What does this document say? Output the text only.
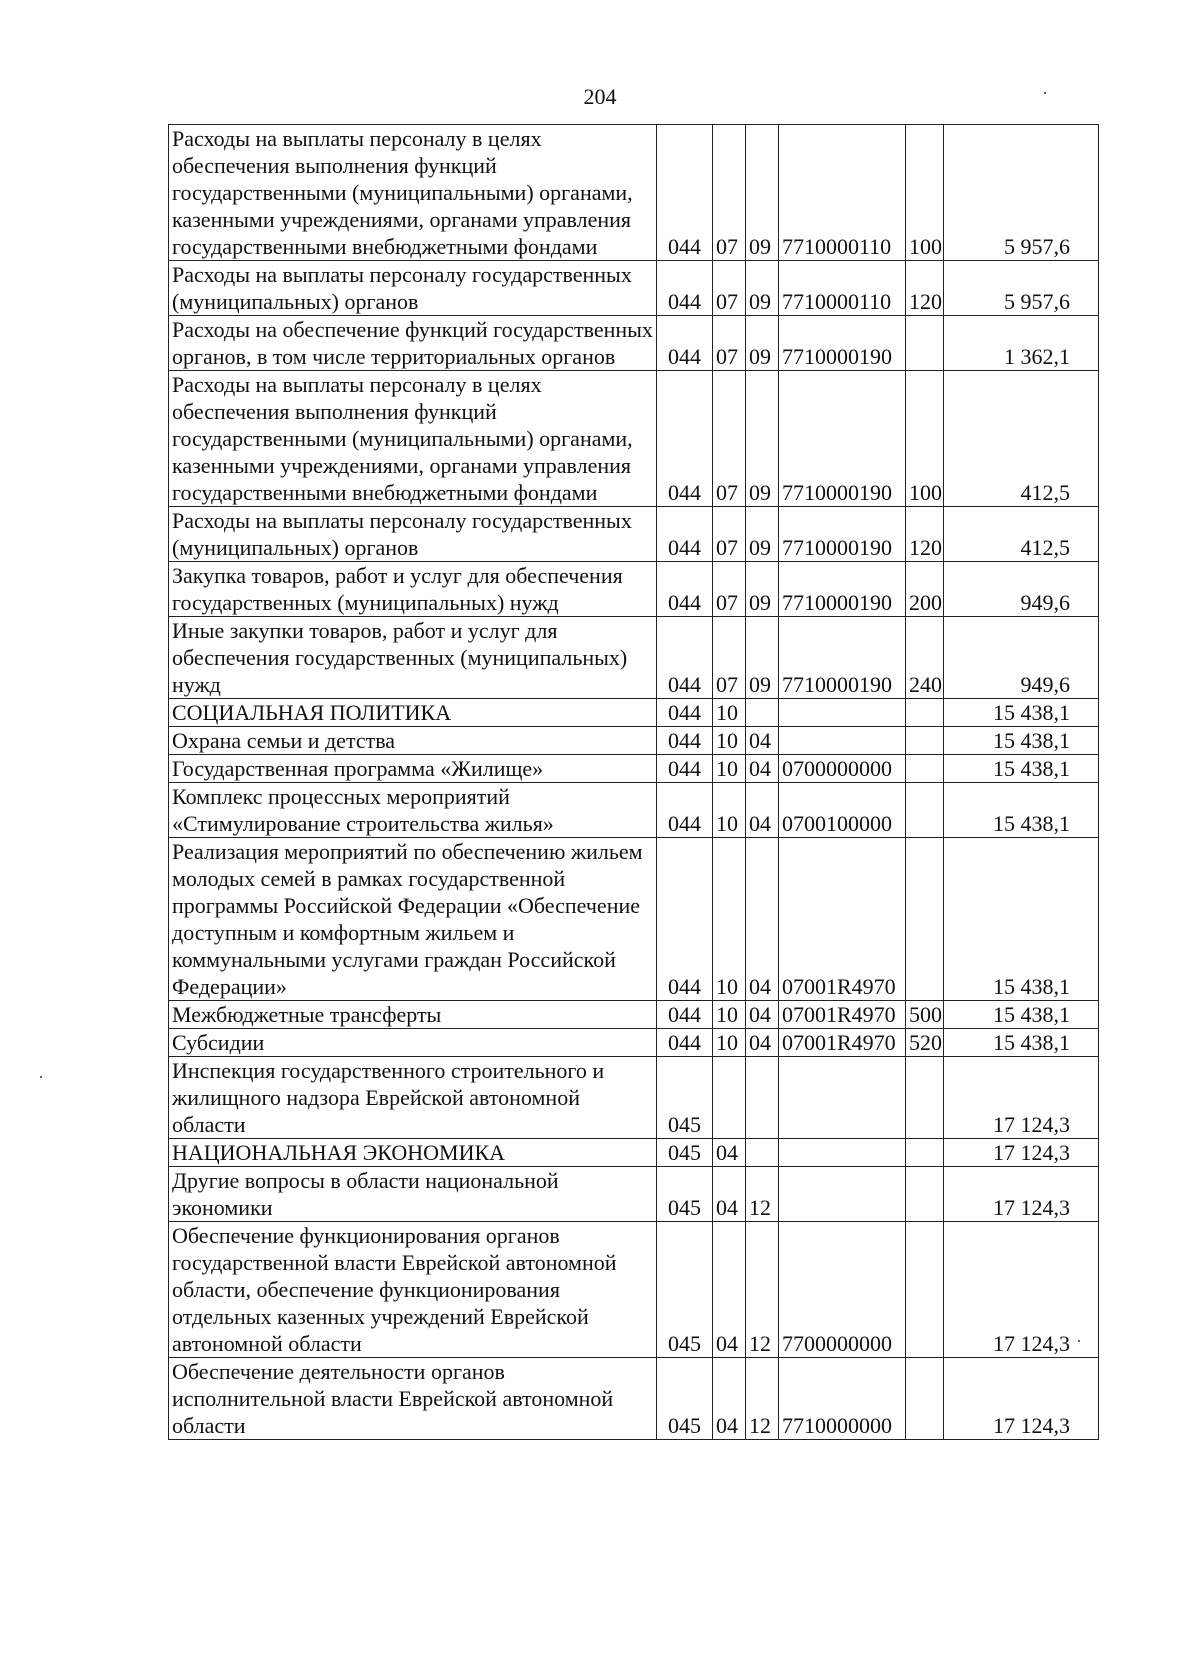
204
Расходы на выплаты персоналу в целях обеспечения выполнения функций государственными (муниципальными) органами, казенными учреждениями, органами управления государственными внебюджетными фондами	044	07	09	7710000110	100	5 957,6
Расходы на выплаты персоналу государственных (муниципальных) органов	044	07	09	7710000110	120	5 957,6
Расходы на обеспечение функций государственных органов, в том числе территориальных органов	044	07	09	7710000190		1 362,1
Расходы на выплаты персоналу в целях обеспечения выполнения функций государственными (муниципальными) органами, казенными учреждениями, органами управления государственными внебюджетными фондами	044	07	09	7710000190	100	412,5
Расходы на выплаты персоналу государственных (муниципальных) органов	044	07	09	7710000190	120	412,5
Закупка товаров, работ и услуг для обеспечения государственных (муниципальных) нужд	044	07	09	7710000190	200	949,6
Иные закупки товаров, работ и услуг для обеспечения государственных (муниципальных) нужд	044	07	09	7710000190	240	949,6
СОЦИАЛЬНАЯ ПОЛИТИКА	044	10				15 438,1
Охрана семьи и детства	044	10	04			15 438,1
Государственная программа «Жилище»	044	10	04	0700000000		15 438,1
Комплекс процессных мероприятий «Стимулирование строительства жилья»	044	10	04	0700100000		15 438,1
Реализация мероприятий по обеспечению жильем молодых семей в рамках государственной программы Российской Федерации «Обеспечение доступным и комфортным жильем и коммунальными услугами граждан Российской Федерации»	044	10	04	07001R4970		15 438,1
Межбюджетные трансферты	044	10	04	07001R4970	500	15 438,1
Субсидии	044	10	04	07001R4970	520	15 438,1
Инспекция государственного строительного и жилищного надзора Еврейской автономной области	045					17 124,3
НАЦИОНАЛЬНАЯ ЭКОНОМИКА	045	04				17 124,3
Другие вопросы в области национальной экономики	045	04	12			17 124,3
Обеспечение функционирования органов государственной власти Еврейской автономной области, обеспечение функционирования отдельных казенных учреждений Еврейской автономной области	045	04	12	7700000000		17 124,3
Обеспечение деятельности органов исполнительной власти Еврейской автономной области	045	04	12	7710000000		17 124,3
